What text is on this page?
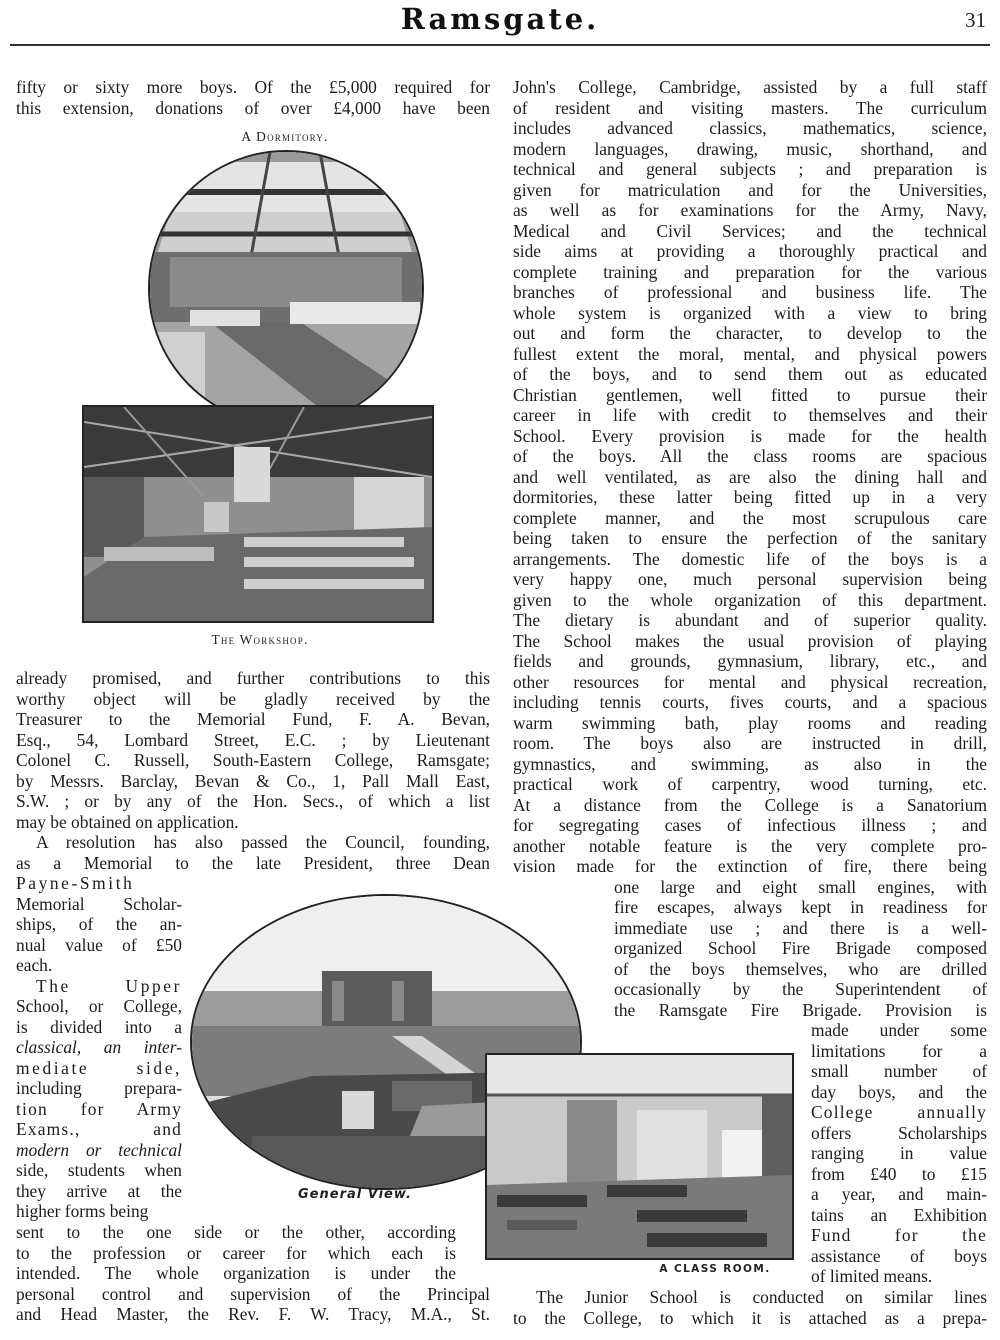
Ramsgate.	31

fifty or sixty more boys. Of the £5,000 required for

this extension, donations of over £4,000 have been

A Dormitory.

The Workshop.

already promised, and further contributions to this

worthy object will be gladly received by the

Treasurer to the Memorial Fund, F. A. Bevan,

Esq., 54, Lombard Street, E.C. ; by Lieutenant

Colonel C. Russell, South-Eastern College, Ramsgate;

by Messrs. Barclay, Bevan & Co., 1, Pall Mall East,

S.W. ; or by any of the Hon. Secs., of which a list

may be obtained on application.

A resolution has also passed the Council, founding,

as a Memorial to the late President, three Dean

Payne-Smith

Memorial Scholar-

ships, of the an-

nual value of £50

each.

The Upper

School, or College,

is divided into a

classical, an inter-

mediate side,

including prepara-

tion for Army

Exams., and

modern or technical

side, students when

they arrive at the

higher forms being

General View.

sent to the one side or the other, according

to the profession or career for which each is

intended. The whole organization is under the

personal control and supervision of the Principal

and Head Master, the Rev. F. W. Tracy, M.A., St.

John's College, Cambridge, assisted by a full staff

of resident and visiting masters. The curriculum

includes advanced classics, mathematics, science,

modern languages, drawing, music, shorthand, and

technical and general subjects ; and preparation is

given for matriculation and for the Universities,

as well as for examinations for the Army, Navy,

Medical and Civil Services; and the technical

side aims at providing a thoroughly practical and

complete training and preparation for the various

branches of professional and business life. The

whole system is organized with a view to bring

out and form the character, to develop to the

fullest extent the moral, mental, and physical powers

of the boys, and to send them out as educated

Christian gentlemen, well fitted to pursue their

career in life with credit to themselves and their

School. Every provision is made for the health

of the boys. All the class rooms are spacious

and well ventilated, as are also the dining hall and

dormitories, these latter being fitted up in a very

complete manner, and the most scrupulous care

being taken to ensure the perfection of the sanitary

arrangements. The domestic life of the boys is a

very happy one, much personal supervision being

given to the whole organization of this department.

The dietary is abundant and of superior quality.

The School makes the usual provision of playing

fields and grounds, gymnasium, library, etc., and

other resources for mental and physical recreation,

including tennis courts, fives courts, and a spacious

warm swimming bath, play rooms and reading

room. The boys also are instructed in drill,

gymnastics, and swimming, as also in the

practical work of carpentry, wood turning, etc.

At a distance from the College is a Sanatorium

for segregating cases of infectious illness ; and

another notable feature is the very complete pro-

vision made for the extinction of fire, there being

one large and eight small engines, with

fire escapes, always kept in readiness for

immediate use ; and there is a well-

organized School Fire Brigade composed

of the boys themselves, who are drilled

occasionally by the Superintendent of

the Ramsgate Fire Brigade. Provision is

A CLASS ROOM.

made under some

limitations for a

small number of

day boys, and the

College annually

offers Scholarships

ranging in value

from £40 to £15

a year, and main-

tains an Exhibition

Fund for the

assistance of boys

of limited means.

The Junior School is conducted on similar lines

to the College, to which it is attached as a prepa-
